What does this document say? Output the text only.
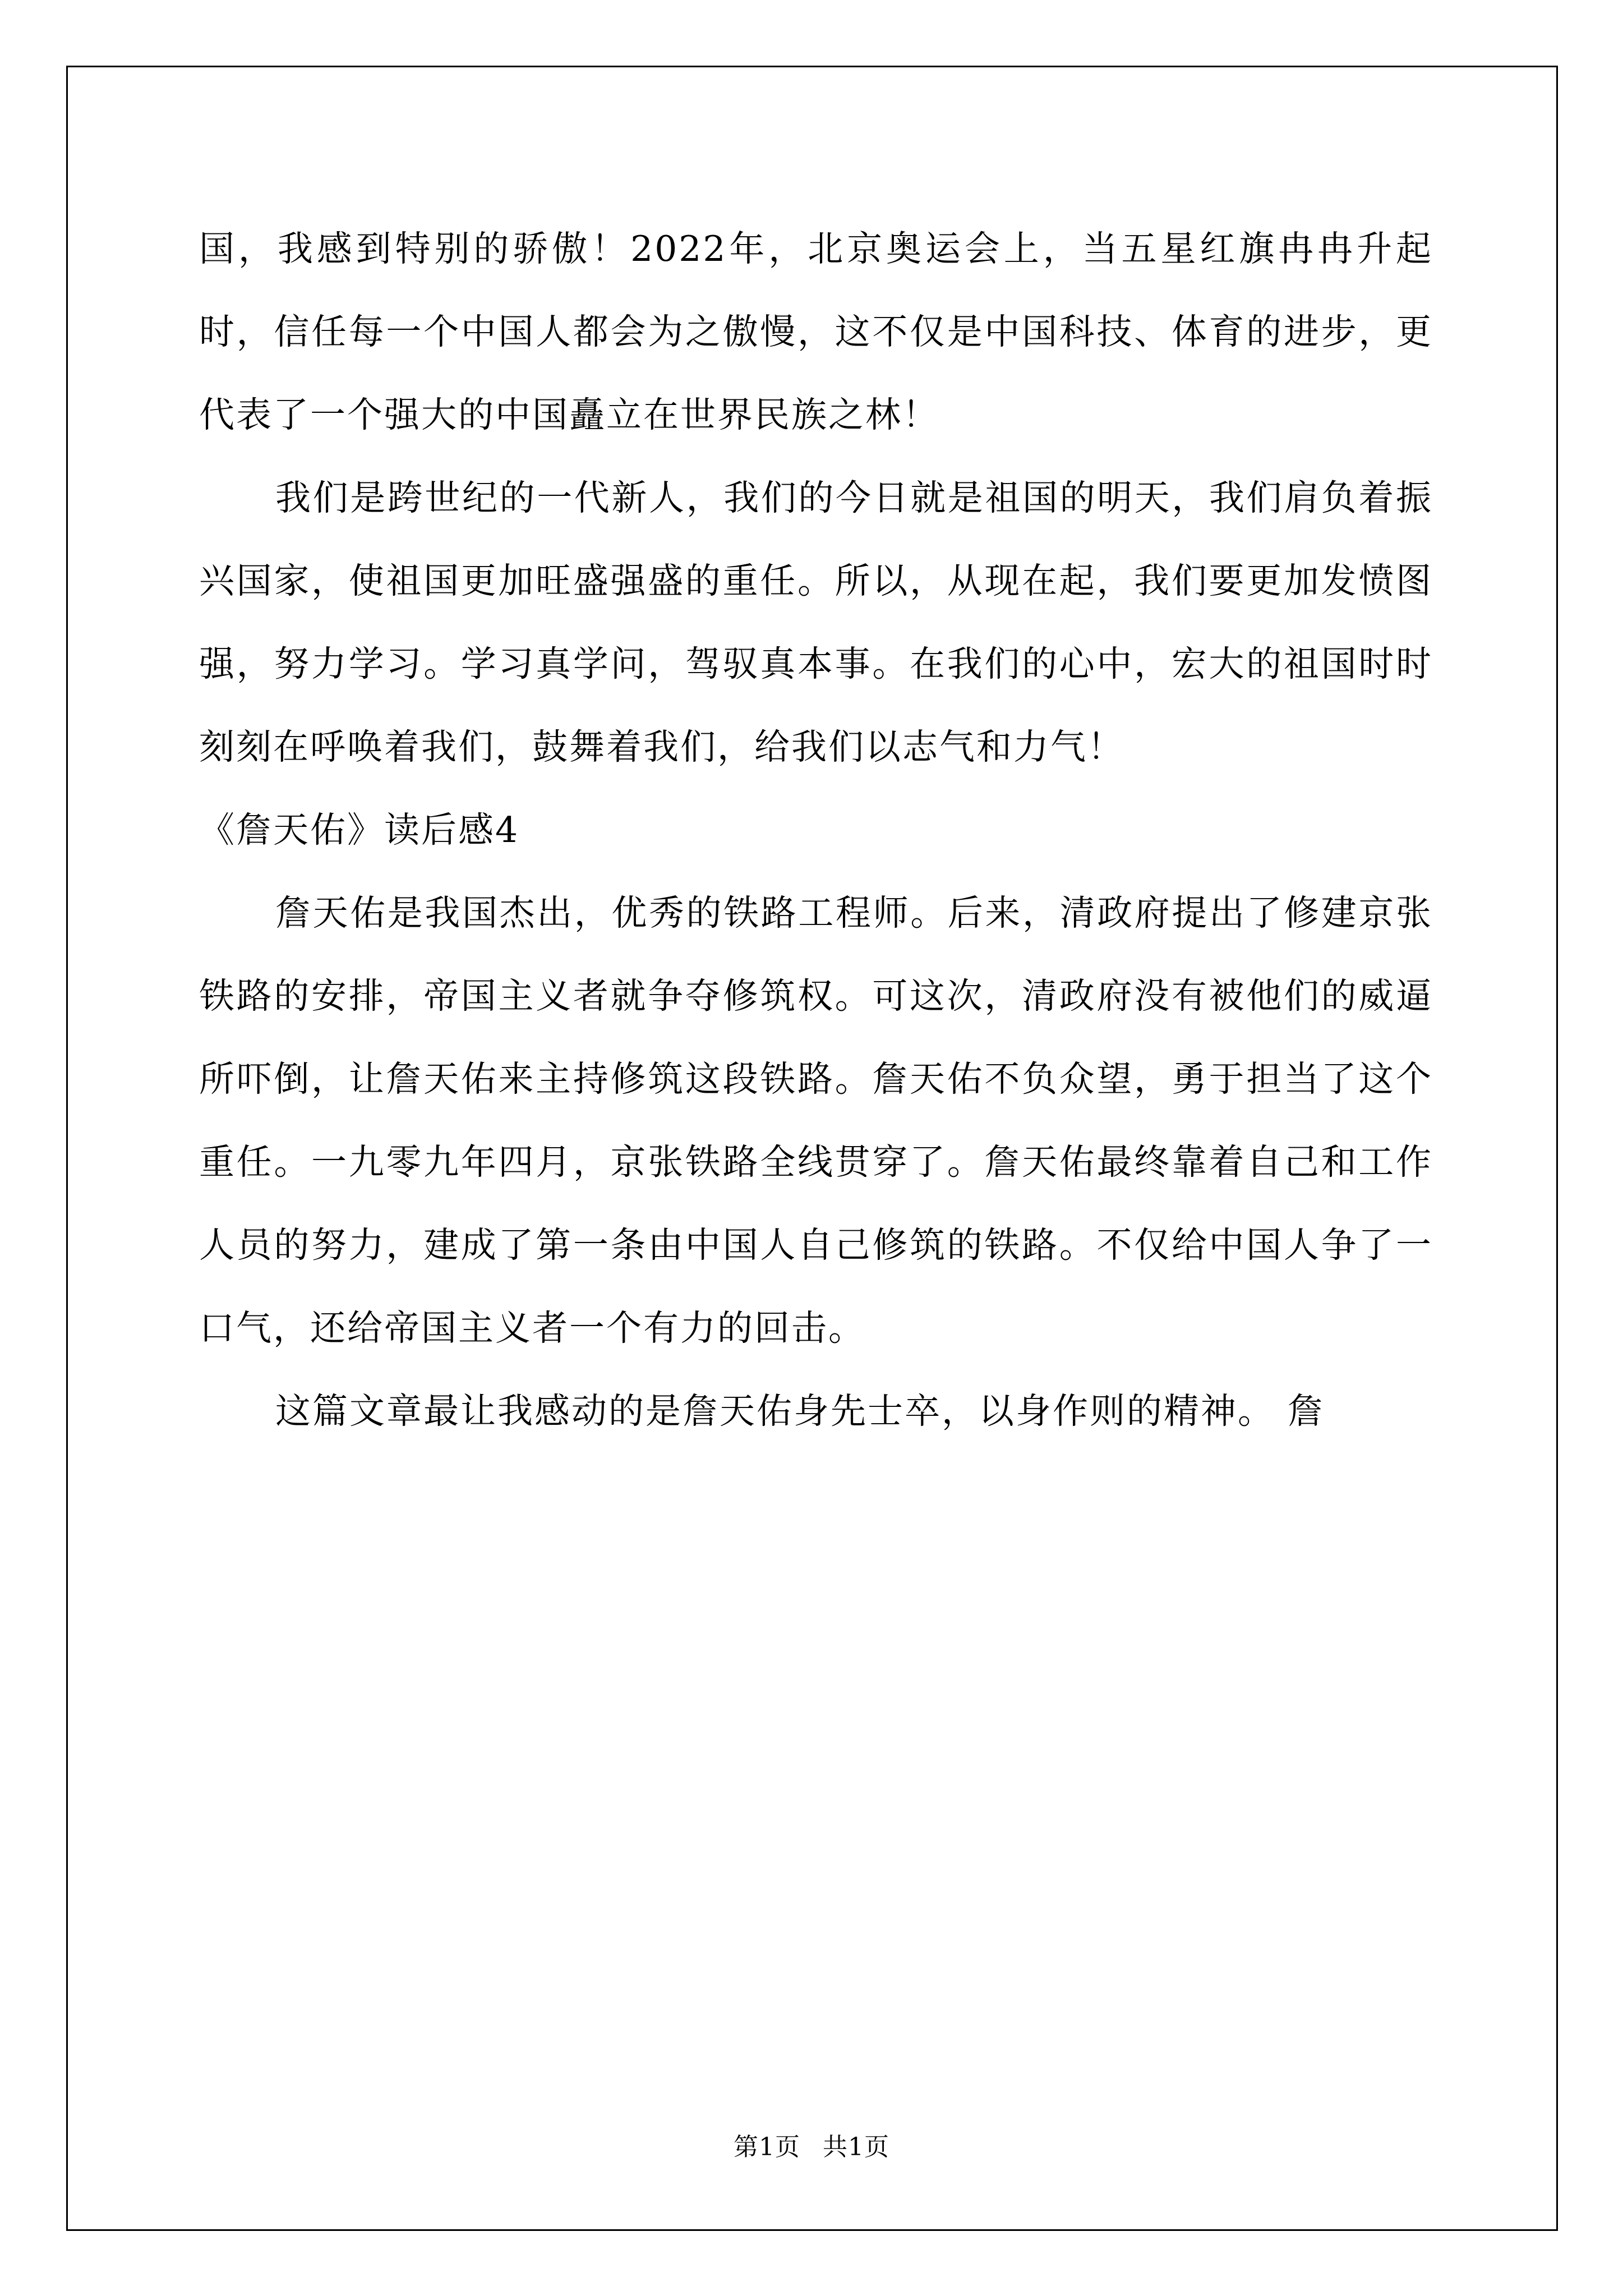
国，我感到特别的骄傲！2022年，北京奥运会上，当五星红旗冉冉升起时，信任每一个中国人都会为之傲慢，这不仅是中国科技、体育的进步，更代表了一个强大的中国矗立在世界民族之林！

我们是跨世纪的一代新人，我们的今日就是祖国的明天，我们肩负着振兴国家，使祖国更加旺盛强盛的重任。所以，从现在起，我们要更加发愤图强，努力学习。学习真学问，驾驭真本事。在我们的心中，宏大的祖国时时刻刻在呼唤着我们，鼓舞着我们，给我们以志气和力气！

《詹天佑》读后感4

詹天佑是我国杰出，优秀的铁路工程师。后来，清政府提出了修建京张铁路的安排，帝国主义者就争夺修筑权。可这次，清政府没有被他们的威逼所吓倒，让詹天佑来主持修筑这段铁路。詹天佑不负众望，勇于担当了这个重任。一九零九年四月，京张铁路全线贯穿了。詹天佑最终靠着自己和工作人员的努力，建成了第一条由中国人自己修筑的铁路。不仅给中国人争了一口气，还给帝国主义者一个有力的回击。

这篇文章最让我感动的是詹天佑身先士卒，以身作则的精神。 詹

第1页 共1页
